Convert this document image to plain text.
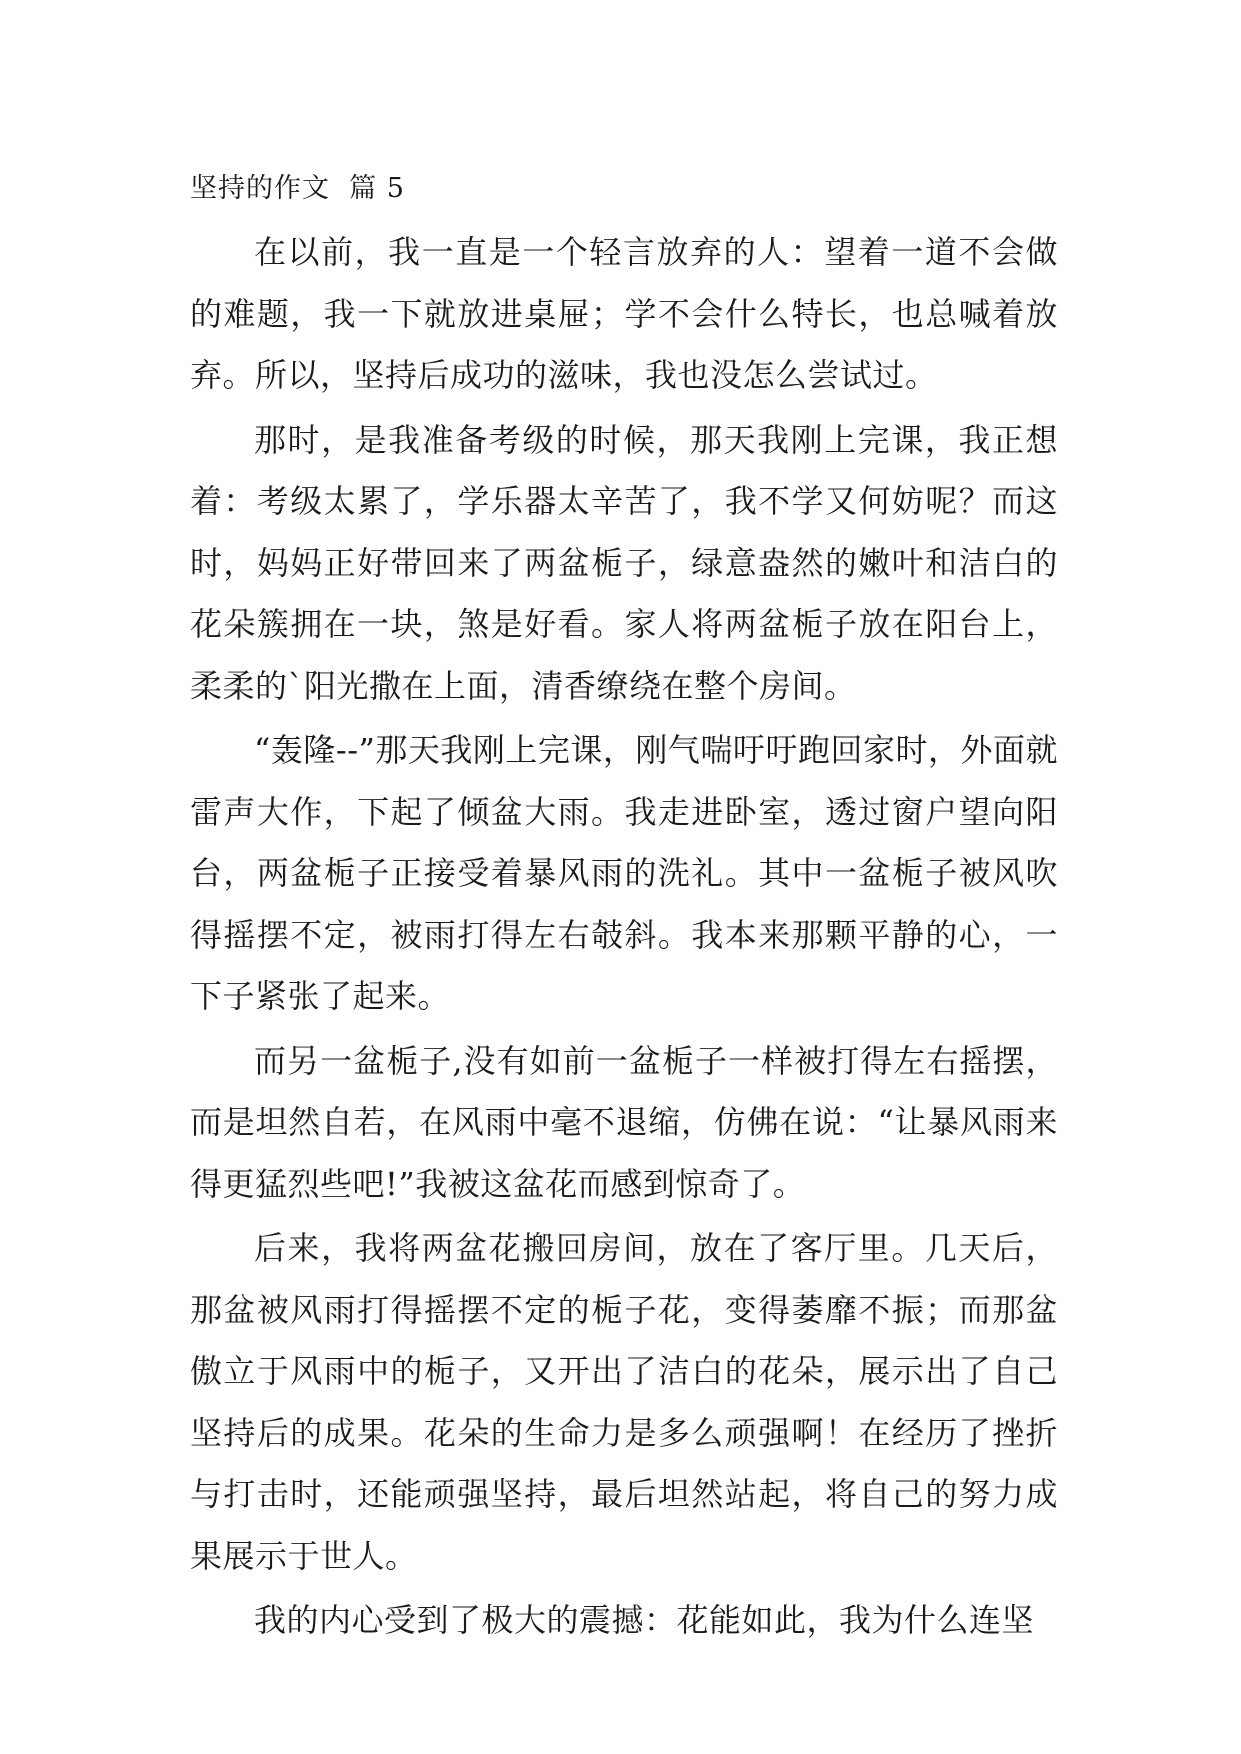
坚持的作文  篇 5

在以前，我一直是一个轻言放弃的人：望着一道不会做的难题，我一下就放进桌屉；学不会什么特长，也总喊着放弃。所以，坚持后成功的滋味，我也没怎么尝试过。

那时，是我准备考级的时候，那天我刚上完课，我正想着：考级太累了，学乐器太辛苦了，我不学又何妨呢？而这时，妈妈正好带回来了两盆栀子，绿意盎然的嫩叶和洁白的花朵簇拥在一块，煞是好看。家人将两盆栀子放在阳台上，柔柔的`阳光撒在上面，清香缭绕在整个房间。

“轰隆--”那天我刚上完课，刚气喘吁吁跑回家时，外面就雷声大作，下起了倾盆大雨。我走进卧室，透过窗户望向阳台，两盆栀子正接受着暴风雨的洗礼。其中一盆栀子被风吹得摇摆不定，被雨打得左右攲斜。我本来那颗平静的心，一下子紧张了起来。

而另一盆栀子,没有如前一盆栀子一样被打得左右摇摆，而是坦然自若，在风雨中毫不退缩，仿佛在说：“让暴风雨来得更猛烈些吧!”我被这盆花而感到惊奇了。

后来，我将两盆花搬回房间，放在了客厅里。几天后，那盆被风雨打得摇摆不定的栀子花，变得萎靡不振；而那盆傲立于风雨中的栀子，又开出了洁白的花朵，展示出了自己坚持后的成果。花朵的生命力是多么顽强啊！在经历了挫折与打击时，还能顽强坚持，最后坦然站起，将自己的努力成果展示于世人。

我的内心受到了极大的震撼：花能如此，我为什么连坚
